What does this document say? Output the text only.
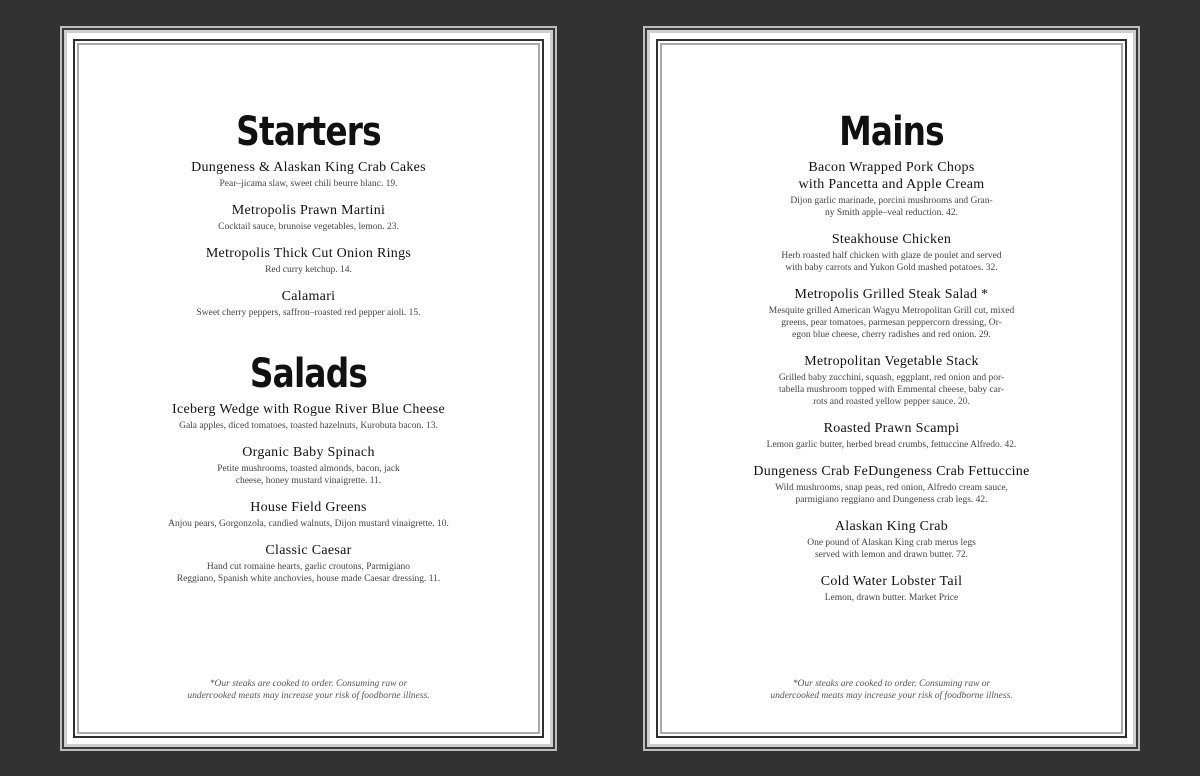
Starters
Dungeness & Alaskan King Crab Cakes
Pear–jicama slaw, sweet chili beurre blanc. 19.
Metropolis Prawn Martini
Cocktail sauce, brunoise vegetables, lemon. 23.
Metropolis Thick Cut Onion Rings
Red curry ketchup. 14.
Calamari
Sweet cherry peppers, saffron–roasted red pepper aioli. 15.
Salads
Iceberg Wedge with Rogue River Blue Cheese
Gala apples, diced tomatoes, toasted hazelnuts, Kurobuta bacon. 13.
Organic Baby Spinach
Petite mushrooms, toasted almonds, bacon, jack
cheese, honey mustard vinaigrette. 11.
House Field Greens
Anjou pears, Gorgonzola, candied walnuts, Dijon mustard vinaigrette. 10.
Classic Caesar
Hand cut romaine hearts, garlic croutons, Parmigiano
Reggiano, Spanish white anchovies, house made Caesar dressing. 11.
*Our steaks are cooked to order. Consuming raw or
undercooked meats may increase your risk of foodborne illness.
Mains
Bacon Wrapped Pork Chops
with Pancetta and Apple Cream
Dijon garlic marinade, porcini mushrooms and Gran-
ny Smith apple–veal reduction. 42.
Steakhouse Chicken
Herb roasted half chicken with glaze de poulet and served
with baby carrots and Yukon Gold mashed potatoes. 32.
Metropolis Grilled Steak Salad *
Mesquite grilled American Wagyu Metropolitan Grill cut, mixed
greens, pear tomatoes, parmesan peppercorn dressing, Or-
egon blue cheese, cherry radishes and red onion. 29.
Metropolitan Vegetable Stack
Grilled baby zucchini, squash, eggplant, red onion and por-
tabella mushroom topped with Emmental cheese, baby car-
rots and roasted yellow pepper sauce. 20.
Roasted Prawn Scampi
Lemon garlic butter, herbed bread crumbs, fettuccine Alfredo. 42.
Dungeness Crab FeDungeness Crab Fettuccine
Wild mushrooms, snap peas, red onion, Alfredo cream sauce,
parmigiano reggiano and Dungeness crab legs. 42.
Alaskan King Crab
One pound of Alaskan King crab merus legs
served with lemon and drawn butter. 72.
Cold Water Lobster Tail
Lemon, drawn butter. Market Price
*Our steaks are cooked to order. Consuming raw or
undercooked meats may increase your risk of foodborne illness.
